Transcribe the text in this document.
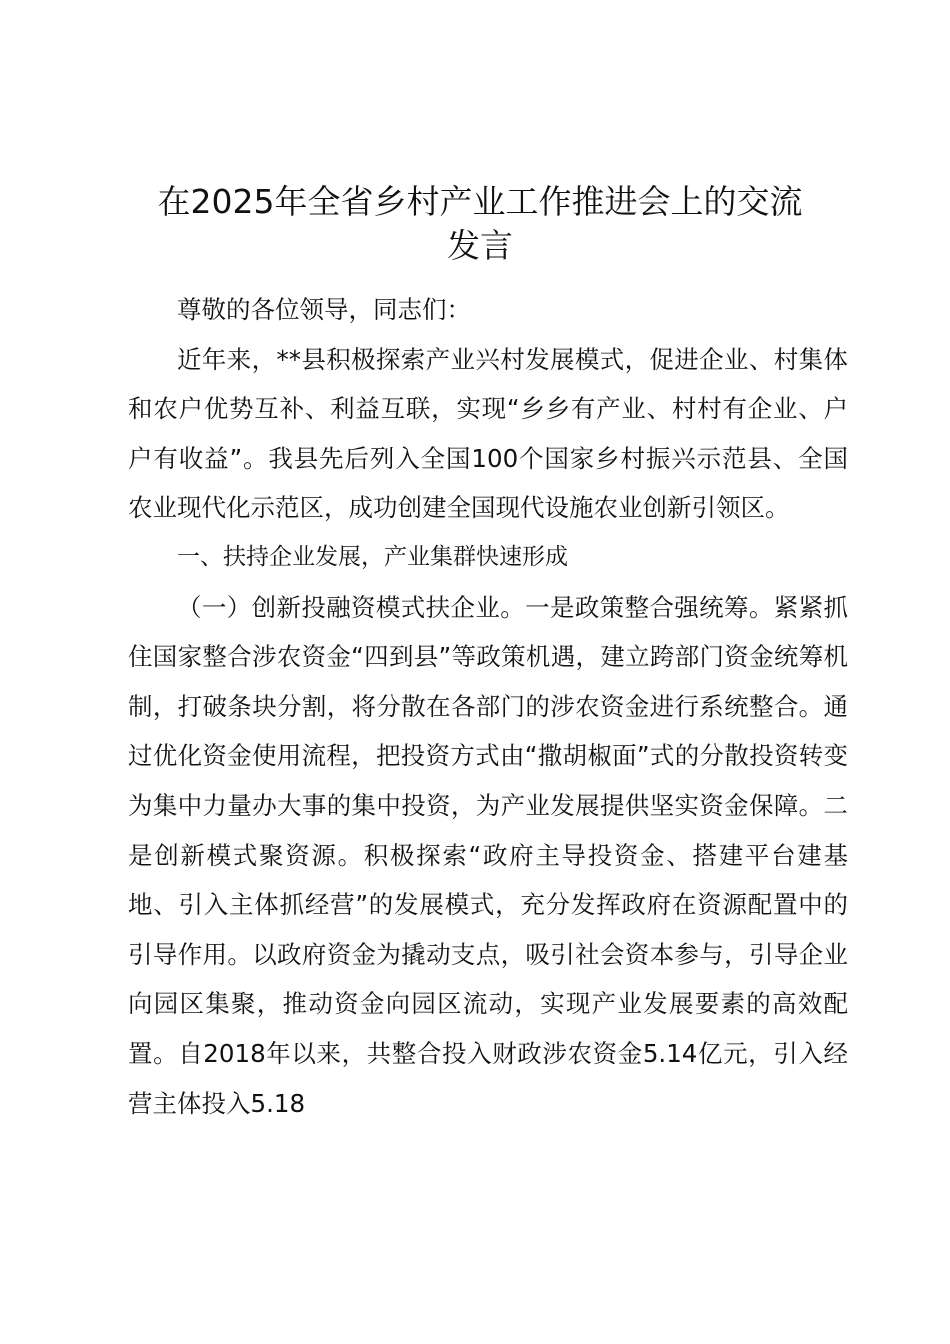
在2025年全省乡村产业工作推进会上的交流
发言

尊敬的各位领导，同志们：

近年来，**县积极探索产业兴村发展模式，促进企业、村集体和农户优势互补、利益互联，实现“乡乡有产业、村村有企业、户户有收益”。我县先后列入全国100个国家乡村振兴示范县、全国农业现代化示范区，成功创建全国现代设施农业创新引领区。

一、扶持企业发展，产业集群快速形成

（一）创新投融资模式扶企业。一是政策整合强统筹。紧紧抓住国家整合涉农资金“四到县”等政策机遇，建立跨部门资金统筹机制，打破条块分割，将分散在各部门的涉农资金进行系统整合。通过优化资金使用流程，把投资方式由“撒胡椒面”式的分散投资转变为集中力量办大事的集中投资，为产业发展提供坚实资金保障。二是创新模式聚资源。积极探索“政府主导投资金、搭建平台建基地、引入主体抓经营”的发展模式，充分发挥政府在资源配置中的引导作用。以政府资金为撬动支点，吸引社会资本参与，引导企业向园区集聚，推动资金向园区流动，实现产业发展要素的高效配置。自2018年以来，共整合投入财政涉农资金5.14亿元，引入经营主体投入5.18
